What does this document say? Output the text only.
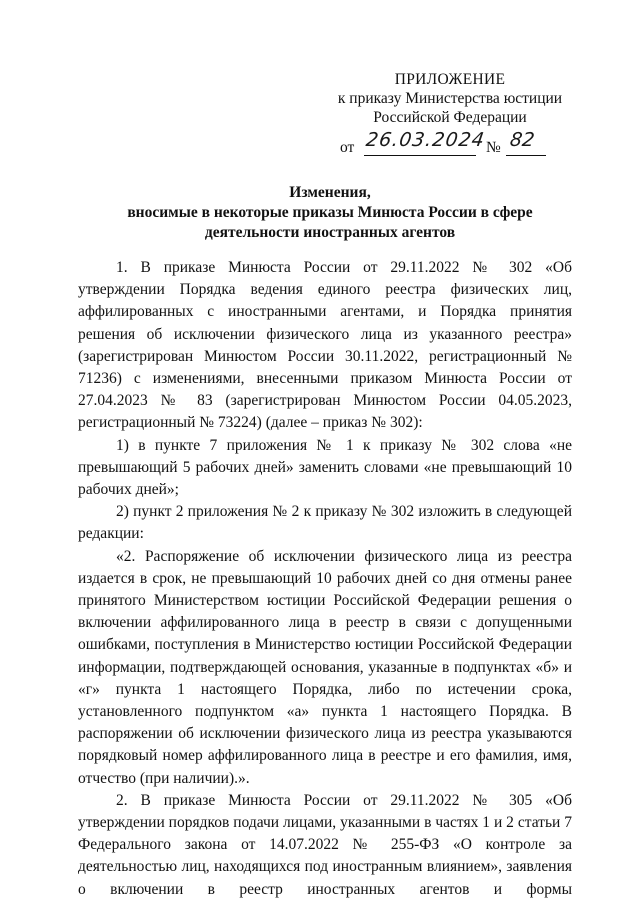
ПРИЛОЖЕНИЕ
к приказу Министерства юстиции
Российской Федерации
от 26.03.2024 № 82
Изменения,
вносимые в некоторые приказы Минюста России в сфере
деятельности иностранных агентов

1. В приказе Минюста России от 29.11.2022 № 302 «Об утверждении Порядка ведения единого реестра физических лиц, аффилированных с иностранными агентами, и Порядка принятия решения об исключении физического лица из указанного реестра» (зарегистрирован Минюстом России 30.11.2022, регистрационный № 71236) с изменениями, внесенными приказом Минюста России от 27.04.2023 № 83 (зарегистрирован Минюстом России 04.05.2023, регистрационный № 73224) (далее – приказ № 302):

1) в пункте 7 приложения № 1 к приказу № 302 слова «не превышающий 5 рабочих дней» заменить словами «не превышающий 10 рабочих дней»;

2) пункт 2 приложения № 2 к приказу № 302 изложить в следующей редакции:

«2. Распоряжение об исключении физического лица из реестра издается в срок, не превышающий 10 рабочих дней со дня отмены ранее принятого Министерством юстиции Российской Федерации решения о включении аффилированного лица в реестр в связи с допущенными ошибками, поступления в Министерство юстиции Российской Федерации информации, подтверждающей основания, указанные в подпунктах «б» и «г» пункта 1 настоящего Порядка, либо по истечении срока, установленного подпунктом «а» пункта 1 настоящего Порядка. В распоряжении об исключении физического лица из реестра указываются порядковый номер аффилированного лица в реестре и его фамилия, имя, отчество (при наличии).».

2. В приказе Минюста России от 29.11.2022 № 305 «Об утверждении порядков подачи лицами, указанными в частях 1 и 2 статьи 7 Федерального закона от 14.07.2022 № 255-ФЗ «О контроле за деятельностью лиц, находящихся под иностранным влиянием», заявления о включении в реестр иностранных агентов и формы
